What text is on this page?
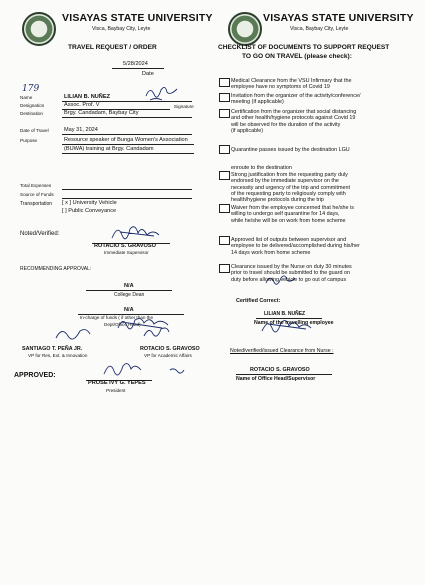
VISAYAS STATE UNIVERSITY
Visca, Baybay City, Leyte
TRAVEL REQUEST / ORDER
5/28/2024
Date
179
Name	LILIAN B. NUÑEZ
Designation	Assoc. Prof. V	Signature
Destination	Brgy. Candadam, Baybay City
Date of Travel	May 31, 2024
Purpose	Resource speaker of Bunga Women's Association
(BUWA) training at Brgy. Candadam
Total Expenses
Source of Funds
Transportation [ x ] University Vehicle
[ ] Public Conveyance
Noted/Verified:
ROTACIO S. GRAVOSO
Immediate Supervisor
RECOMMENDING APPROVAL:
N/A
College Dean
N/A
In-charge of funds ( if other than the
Dept/Office Head)
SANTIAGO T. PEÑA JR.
VP for Res, Ext. & Innovation
ROTACIO S. GRAVOSO
VP for Academic Affairs
APPROVED:
PROSE IVY G. YEPES
President
VISAYAS STATE UNIVERSITY
Visca, Baybay City, Leyte
CHECKLIST OF DOCUMENTS TO SUPPORT REQUEST
TO GO ON TRAVEL (please check):
Medical Clearance from the VSU Infirmary that the
employee have no symptoms of Covid 19
Invitation from the organizer of the activity/conference/
meeting (if applicable)
Certification from the organizer that social distancing
and other health/hygiene protocols against Covid 19
will be observed for the duration of the activity
(if applicable)
Quarantine passes issued by the destination LGU
enroute to the destination
Strong justification from the requesting party duly
endorsed by the immediate supervisor on the
necessity and urgency of the trip and commitment
of the requesting party to religiously comply with
health/hygiene protocols during the trip
Waiver from the employee concerned that he/she is
willing to undergo self quarantine for 14 days,
while he/she will be on work from home scheme
Approved list of outputs between supervisor and
employee to be delivered/accomplished during his/her
14 days work from home scheme
Clearance issued by the Nurse on duty 30 minutes
prior to travel should be submitted to the guard on
duty before allowing vehicle to go out of campus
Certified Correct:
LILIAN B. NUÑEZ
Name of the travelling employee
Noted/verified/issued Clearance from Nurse :
ROTACIO S. GRAVOSO
Name of Office Head/Supervisor
